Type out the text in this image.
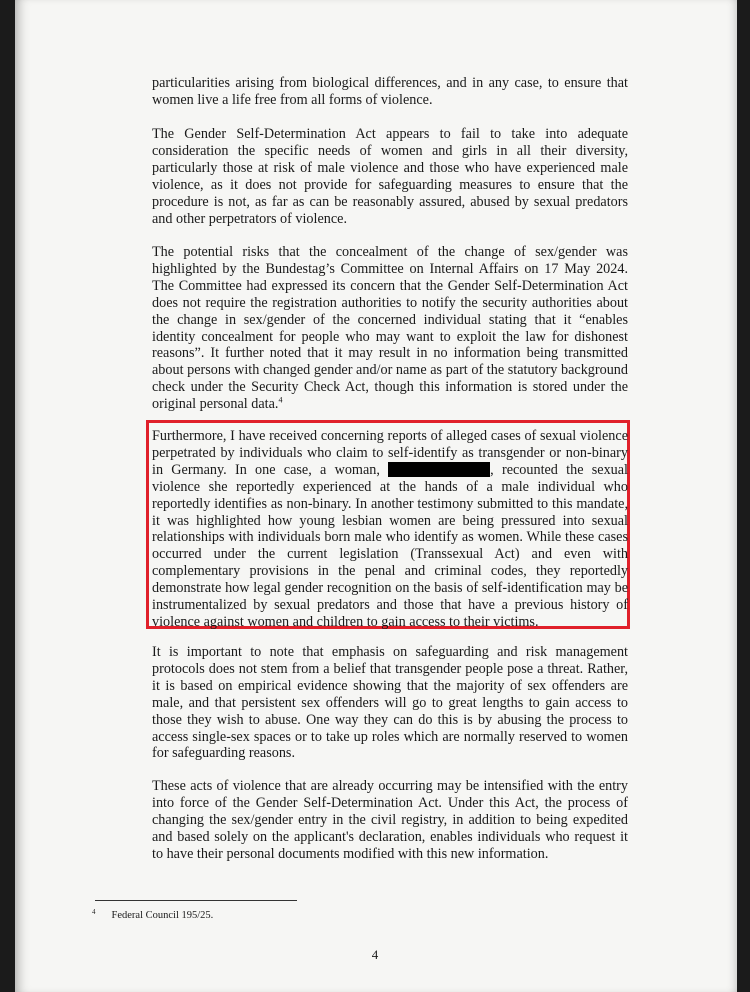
particularities arising from biological differences, and in any case, to ensure that women live a life free from all forms of violence.

The Gender Self-Determination Act appears to fail to take into adequate consideration the specific needs of women and girls in all their diversity, particularly those at risk of male violence and those who have experienced male violence, as it does not provide for safeguarding measures to ensure that the procedure is not, as far as can be reasonably assured, abused by sexual predators and other perpetrators of violence.

The potential risks that the concealment of the change of sex/gender was highlighted by the Bundestag’s Committee on Internal Affairs on 17 May 2024. The Committee had expressed its concern that the Gender Self-Determination Act does not require the registration authorities to notify the security authorities about the change in sex/gender of the concerned individual stating that it “enables identity concealment for people who may want to exploit the law for dishonest reasons”. It further noted that it may result in no information being transmitted about persons with changed gender and/or name as part of the statutory background check under the Security Check Act, though this information is stored under the original personal data.$^4$

Furthermore, I have received concerning reports of alleged cases of sexual violence perpetrated by individuals who claim to self-identify as transgender or non-binary in Germany. In one case, a woman,	, recounted the sexual violence she reportedly experienced at the hands of a male individual who reportedly identifies as non-binary. In another testimony submitted to this mandate, it was highlighted how young lesbian women are being pressured into sexual relationships with individuals born male who identify as women. While these cases occurred under the current legislation (Transsexual Act) and even with complementary provisions in the penal and criminal codes, they reportedly demonstrate how legal gender recognition on the basis of self-identification may be instrumentalized by sexual predators and those that have a previous history of violence against women and children to gain access to their victims.

It is important to note that emphasis on safeguarding and risk management protocols does not stem from a belief that transgender people pose a threat. Rather, it is based on empirical evidence showing that the majority of sex offenders are male, and that persistent sex offenders will go to great lengths to gain access to those they wish to abuse. One way they can do this is by abusing the process to access single-sex spaces or to take up roles which are normally reserved to women for safeguarding reasons.

These acts of violence that are already occurring may be intensified with the entry into force of the Gender Self-Determination Act. Under this Act, the process of changing the sex/gender entry in the civil registry, in addition to being expedited and based solely on the applicant's declaration, enables individuals who request it to have their personal documents modified with this new information.

$^4$ Federal Council 195/25.
4
